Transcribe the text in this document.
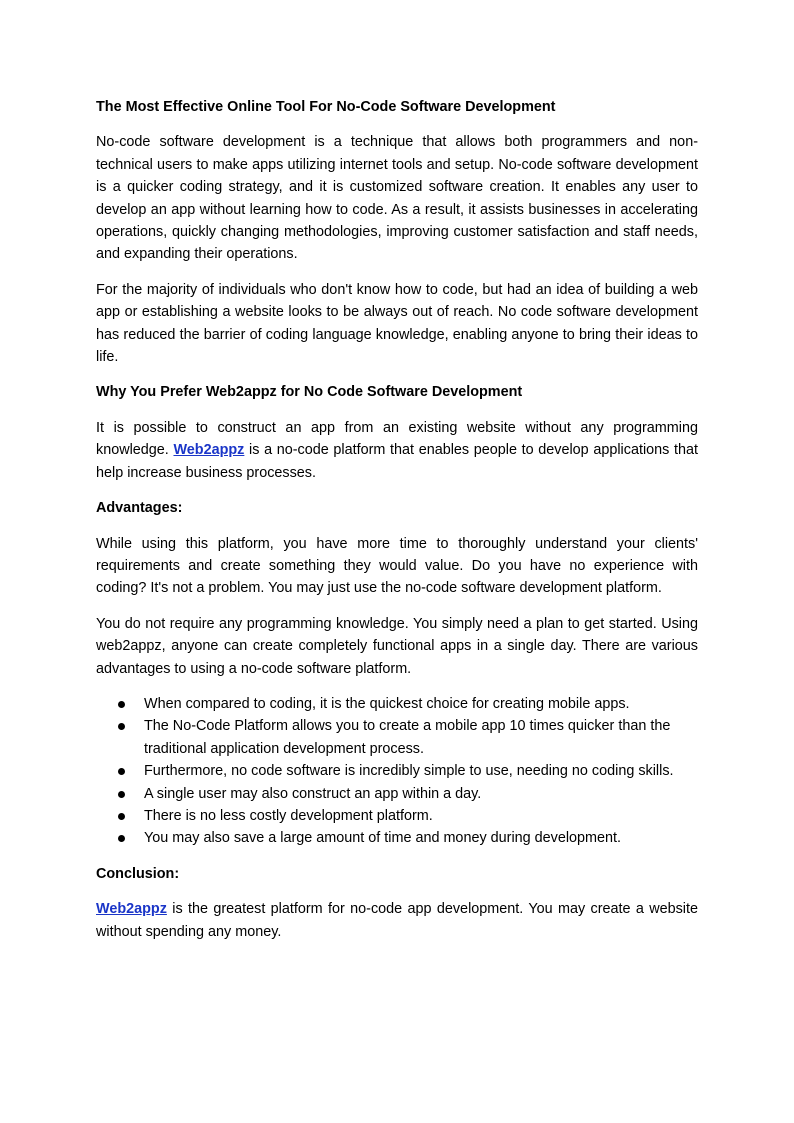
The Most Effective Online Tool For No-Code Software Development

No-code software development is a technique that allows both programmers and non-technical users to make apps utilizing internet tools and setup. No-code software development is a quicker coding strategy, and it is customized software creation. It enables any user to develop an app without learning how to code. As a result, it assists businesses in accelerating operations, quickly changing methodologies, improving customer satisfaction and staff needs, and expanding their operations.

For the majority of individuals who don't know how to code, but had an idea of building a web app or establishing a website looks to be always out of reach. No code software development has reduced the barrier of coding language knowledge, enabling anyone to bring their ideas to life.

Why You Prefer Web2appz for No Code Software Development

It is possible to construct an app from an existing website without any programming knowledge. Web2appz is a no-code platform that enables people to develop applications that help increase business processes.

Advantages:

While using this platform, you have more time to thoroughly understand your clients' requirements and create something they would value. Do you have no experience with coding? It's not a problem. You may just use the no-code software development platform.

You do not require any programming knowledge. You simply need a plan to get started. Using web2appz, anyone can create completely functional apps in a single day. There are various advantages to using a no-code software platform.

When compared to coding, it is the quickest choice for creating mobile apps.
The No-Code Platform allows you to create a mobile app 10 times quicker than the traditional application development process.
Furthermore, no code software is incredibly simple to use, needing no coding skills.
A single user may also construct an app within a day.
There is no less costly development platform.
You may also save a large amount of time and money during development.
Conclusion:

Web2appz is the greatest platform for no-code app development. You may create a website without spending any money.
